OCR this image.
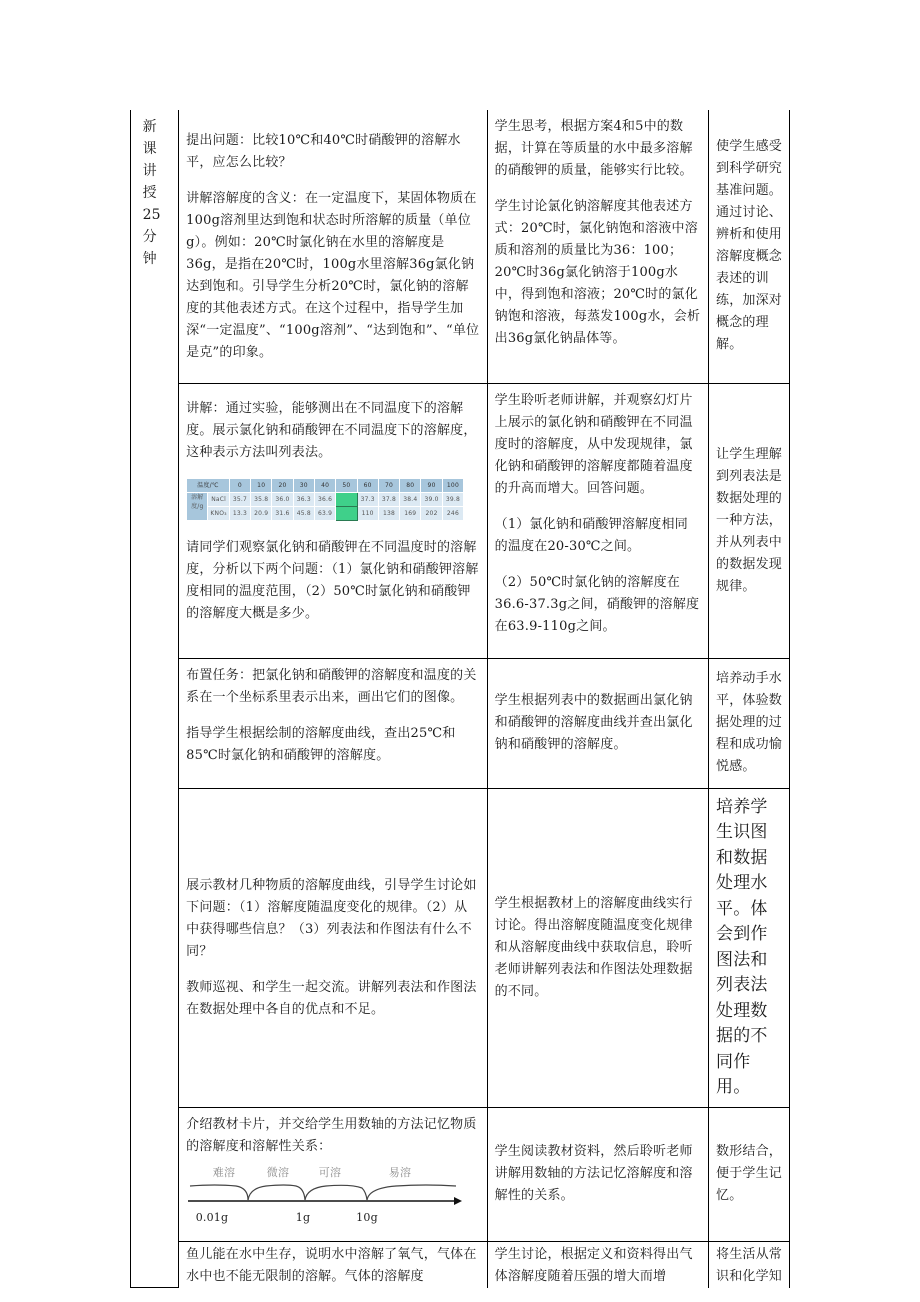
新课讲授25分钟	

提出问题：比较10℃和40℃时硝酸钾的溶解水平，应怎么比较？

讲解溶解度的含义：在一定温度下，某固体物质在100g溶剂里达到饱和状态时所溶解的质量（单位g）。例如：20℃时氯化钠在水里的溶解度是36g，是指在20℃时，100g水里溶解36g氯化钠达到饱和。引导学生分析20℃时，氯化钠的溶解度的其他表述方式。在这个过程中，指导学生加深“一定温度”、“100g溶剂”、“达到饱和”、“单位是克”的印象。

学生思考，根据方案4和5中的数据，计算在等质量的水中最多溶解的硝酸钾的质量，能够实行比较。

学生讨论氯化钠溶解度其他表述方式：20℃时，氯化钠饱和溶液中溶质和溶剂的质量比为36：100；20℃时36g氯化钠溶于100g水中，得到饱和溶液；20℃时的氯化钠饱和溶液，每蒸发100g水，会析出36g氯化钠晶体等。

使学生感受到科学研究基准问题。通过讨论、辨析和使用溶解度概念表述的训练，加深对概念的理解。

讲解：通过实验，能够测出在不同温度下的溶解度。展示氯化钠和硝酸钾在不同温度下的溶解度，这种表示方法叫列表法。

温度/℃	0	10	20	30	40	50	60	70	80	90	100
溶解度/g	NaCl	35.7	35.8	36.0	36.3	36.6		37.3	37.8	38.4	39.0	39.8
KNO₃	13.3	20.9	31.6	45.8	63.9		110	138	169	202	246

请同学们观察氯化钠和硝酸钾在不同温度时的溶解度，分析以下两个问题：（1）氯化钠和硝酸钾溶解度相同的温度范围，（2）50℃时氯化钠和硝酸钾的溶解度大概是多少。

学生聆听老师讲解，并观察幻灯片上展示的氯化钠和硝酸钾在不同温度时的溶解度，从中发现规律，氯化钠和硝酸钾的溶解度都随着温度的升高而增大。回答问题。

（1）氯化钠和硝酸钾溶解度相同的温度在20-30℃之间。

（2）50℃时氯化钠的溶解度在36.6-37.3g之间，硝酸钾的溶解度在63.9-110g之间。

让学生理解到列表法是数据处理的一种方法，并从列表中的数据发现规律。

布置任务：把氯化钠和硝酸钾的溶解度和温度的关系在一个坐标系里表示出来，画出它们的图像。

指导学生根据绘制的溶解度曲线，查出25℃和85℃时氯化钠和硝酸钾的溶解度。

学生根据列表中的数据画出氯化钠和硝酸钾的溶解度曲线并查出氯化钠和硝酸钾的溶解度。

培养动手水平，体验数据处理的过程和成功愉悦感。

展示教材几种物质的溶解度曲线，引导学生讨论如下问题：（1）溶解度随温度变化的规律。（2）从中获得哪些信息？（3）列表法和作图法有什么不同？

教师巡视、和学生一起交流。讲解列表法和作图法在数据处理中各自的优点和不足。

学生根据教材上的溶解度曲线实行讨论。得出溶解度随温度变化规律和从溶解度曲线中获取信息，聆听老师讲解列表法和作图法处理数据的不同。

培养学生识图和数据处理水平。体会到作图法和列表法处理数据的不同作用。

介绍教材卡片，并交给学生用数轴的方法记忆物质的溶解度和溶解性关系：

难溶	微溶	可溶	易溶
0.01g	1g	10g

学生阅读教材资料，然后聆听老师讲解用数轴的方法记忆溶解度和溶解性的关系。

数形结合，便于学生记忆。

鱼儿能在水中生存，说明水中溶解了氧气，气体在水中也不能无限制的溶解。气体的溶解度

学生讨论，根据定义和资料得出气体溶解度随着压强的增大而增

将生活从常识和化学知
